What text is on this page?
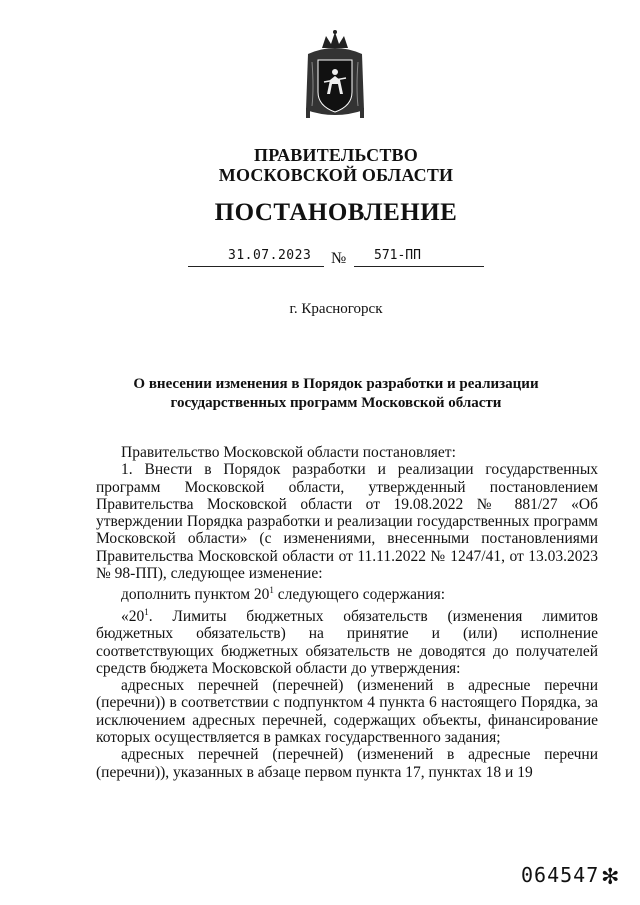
ПРАВИТЕЛЬСТВО
МОСКОВСКОЙ ОБЛАСТИ
ПОСТАНОВЛЕНИЕ
31.07.2023 № 571-ПП
г. Красногорск
О внесении изменения в Порядок разработки и реализации
государственных программ Московской области

Правительство Московской области постановляет:

1. Внести в Порядок разработки и реализации государственных программ Московской области, утвержденный постановлением Правительства Московской области от 19.08.2022 № 881/27 «Об утверждении Порядка разработки и реализации государственных программ Московской области» (с изменениями, внесенными постановлениями Правительства Московской области от 11.11.2022 № 1247/41, от 13.03.2023 № 98-ПП), следующее изменение:

дополнить пунктом $20^1$ следующего содержания:

«$20^1$. Лимиты бюджетных обязательств (изменения лимитов бюджетных обязательств) на принятие и (или) исполнение соответствующих бюджетных обязательств не доводятся до получателей средств бюджета Московской области до утверждения:

адресных перечней (перечней) (изменений в адресные перечни (перечни)) в соответствии с подпунктом 4 пункта 6 настоящего Порядка, за исключением адресных перечней, содержащих объекты, финансирование которых осуществляется в рамках государственного задания;

адресных перечней (перечней) (изменений в адресные перечни (перечни)), указанных в абзаце первом пункта 17, пунктах 18 и 19

064547 ✻
